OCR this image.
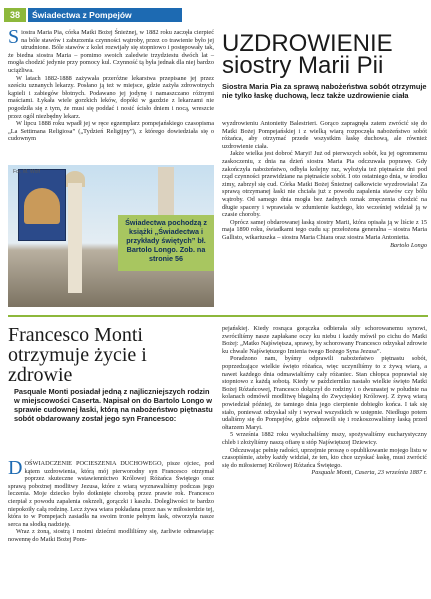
38	Świadectwa z Pompejów

Siostra Maria Pia, córka Matki Bożej Śnieżnej, w 1882 roku zaczęła cierpieć na bóle stawów i zaburzenia czynności wątroby, przez co trawienie było jej utrudnione. Bóle stawów z kolei rozwijały się stopniowo i postępowały tak, że biedna siostra Maria – pomimo swoich zaledwie trzydziestu dwóch lat – mogła chodzić jedynie przy pomocy kul. Czynność tą była jednak dla niej bardzo uciążliwa.

W latach 1882-1888 zażywała przeróżne lekarstwa przepisane jej przez sześciu uznanych lekarzy. Posłano ją też w miejsce, gdzie zażyła zdrowotnych kąpieli i zabiegów błotnych. Podawano jej jodynę i namaszczano różnymi maściami. Łykała wiele gorzkich leków, dopóki w gazdzie z lekarzami nie pogodziła się z tym, że musi się poddać i nosić ścisło dniem i nocą, wreszcie przez ogól niezbędny lekarz.

W lipcu 1888 roku wpadł jej w ręce egzemplarz pompejańskiego czasopisma „La Settimana Religiosa” („Tydzień Religijny”), z którego dowiedziała się o cudownym

UZDROWIENIE siostry Marii Pii
Siostra Maria Pia za sprawą nabożeństwa sobót otrzymuje nie tylko łaskę duchową, lecz także uzdrowienie ciała

wyzdrowieniu Antonietty Balestrieri. Gorąco zapragnęła zatem zwrócić się do Matki Bożej Pompejańskiej i z wielką wiarą rozpoczęła nabożeństwo sobót różańca, aby otrzymać przede wszystkim łaskę duchową, ale również uzdrowienie ciała.

Jakże wielka jest dobroć Maryi! Już od pierwszych sobót, ku jej ogromnemu zaskoczeniu, z dnia na dzień siostra Maria Pia odczuwała poprawę. Gdy zakończyła nabożeństwo, odbyła kolejny raz, wyłożyła też piętnaście dni pod rząd czynności przewidziane na piętnaście sobót. I oto ostatniego dnia, w środku zimy, zabrzył się cud. Córka Matki Bożej Śnieżnej całkowicie wyzdrowiała! Za sprawą otrzymanej łaski nie chciała już z powodu zapalenia stawów czy bólu wątroby. Od samego dnia mogła bez żadnych oznak zmęczenia chodzić na długie spacery i wprawiała w zdumienie każdego, kto wcześniej widział ją w czasie choroby.

Oprócz samej obdarowanej łaską siostry Marii, która opisała ją w liście z 15 maja 1890 roku, świadkami tego cudu są: przełożona generalna – siostra Maria Gallisto, wikariuszka – siostra Maria Chiara oraz siostra Maria Antonietta.

Bartolo Longo

Fot. M. Wolf
Świadectwa pochodzą z książki „Świadectwa i przykłady świętych” bł. Bartolo Longo. Zob. na stronie 56
Francesco Monti otrzymuje życie i zdrowie
Pasquale Monti posiadał jedną z najliczniejszych rodzin w miejscowości Caserta. Napisał on do Bartolo Longo w sprawie cudownej łaski, którą na nabożeństwo piętnastu sobót obdarowany został jego syn Francesco:

DOŚWIADCZENIE POCIESZENIA DUCHOWEGO, pisze ojciec, pod kątem uzdrowienia, którą mój pierworodny syn Francesco otrzymał poprzez skuteczne wstawiennictwo Królowej Różańca Świętego oraz sprawą pobożnej modlitwy Jezusa, które z wiarą wyznawaliśmy podczas jego leczenia. Moje dziecko było dotknięte chorobą przez prawie rok. Francesco cierpiał z powodu zapalenia oskrzeli, gorączki i kaszlu. Dolegliwości te bardzo niepokoiły całą rodzinę. Lecz żywa wiara pokładana przez nas w miłosierdzie tej, która to w Pompejach zasiadła na swoim tronie pełnym łask, otworzyła nasze serca na słodką nadzieję.

Wraz z żoną, siostrą i moimi dziećmi modliliśmy się, żarliwie odmawiając nowennę do Matki Bożej Pom-

pejańskiej. Kiedy rosnąca gorączka odbierała siły schorowanemu synowi, zwróciliśmy nasze zapłakane oczy ku niebu i każdy mówił po cichu do Matki Bożej: „Matko Najświętsza, sprawy, by schorowany Francesco odzyskał zdrowie ku chwale Najświętszego Imienia twego Bożego Syna Jezusa”.

Poradzono nam, byśmy odprawili nabożeństwo piętnastu sobót, poprzedzające wielkie święto różańca, więc uczyniliśmy to z żywą wiarą, a nawet każdego dnia odmawialiśmy cały różaniec. Stan chłopca poprawiał się stopniowo z każdą sobotą. Kiedy w październiku nastało wielkie święto Matki Bożej Różańcowej, Francesco dołączył do rodziny i o dwunastej w południe na kolanach odmówił modlitwę błagalną do Zwycięskiej Królowej. Z żywą wiarą powiedział później, że tamtego dnia jego cierpienie dobiegło końca. I tak się stało, ponieważ odzyskał siły i wyrwał wszystkich w ustępnie. Niedługo potem udaliśmy się do Pompejów, gdzie odprawili się i rozkoszowaliśmy łaską przed ołtarzem Maryi.

5 września 1882 roku wysłuchaliśmy mszy, spożywaliśmy eucharystyczny chleb i złożyliśmy naszą ofiarę u stóp Najświętszej Dziewicy.

Odczuwając pełnię radości, uprzejmie proszę o opublikowanie mojego listu w czasopiśmie, ażeby każdy widział, że ten, kto chce uzyskać łaskę, musi zwrócić się do miłosiernej Królowej Różańca Świętego.

Pasquale Monti, Caserta, 23 września 1887 r.
